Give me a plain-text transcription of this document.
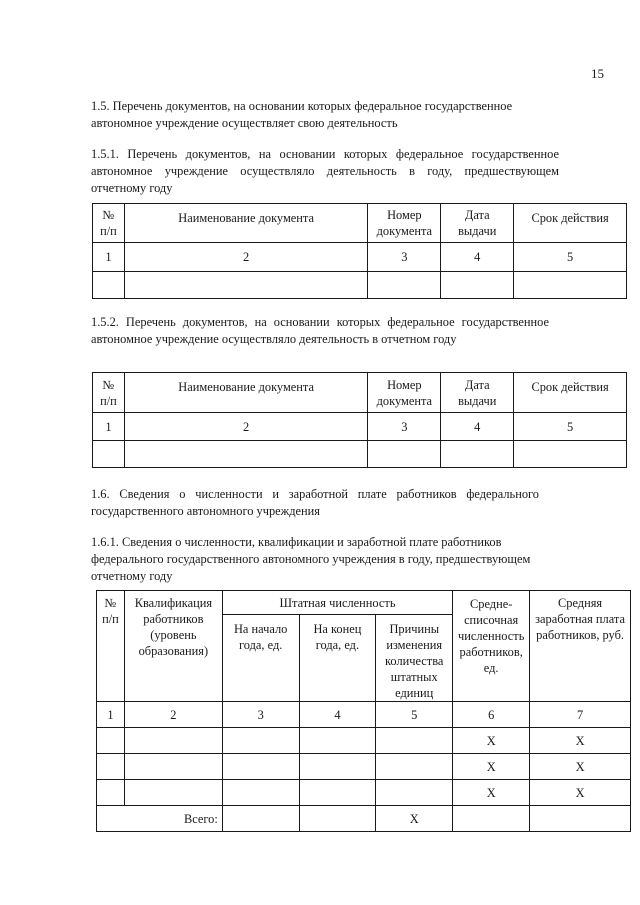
15
1.5. Перечень документов, на основании которых федеральное государственное автономное учреждение осуществляет свою деятельность
1.5.1. Перечень документов, на основании которых федеральное государственное автономное учреждение осуществляло деятельность в году, предшествующем отчетному году
№ п/п	Наименование документа	Номер документа	Дата выдачи	Срок действия
1	2	3	4	5

1.5.2. Перечень документов, на основании которых федеральное государственное автономное учреждение осуществляло деятельность в отчетном году
№ п/п	Наименование документа	Номер документа	Дата выдачи	Срок действия
1	2	3	4	5

1.6. Сведения о численности и заработной плате работников федерального государственного автономного учреждения
1.6.1. Сведения о численности, квалификации и заработной плате работников федерального государственного автономного учреждения в году, предшествующем отчетному году
№ п/п	Квалификация работников (уровень образования)	Штатная численность			Средне-списочная численность работников, ед.	Средняя заработная плата работников, руб.
		На начало года, ед.	На конец года, ед.	Причины изменения количества штатных единиц		
1	2	3	4	5	6	7
					Х	Х
					Х	Х
					Х	Х
Всего:				Х		
